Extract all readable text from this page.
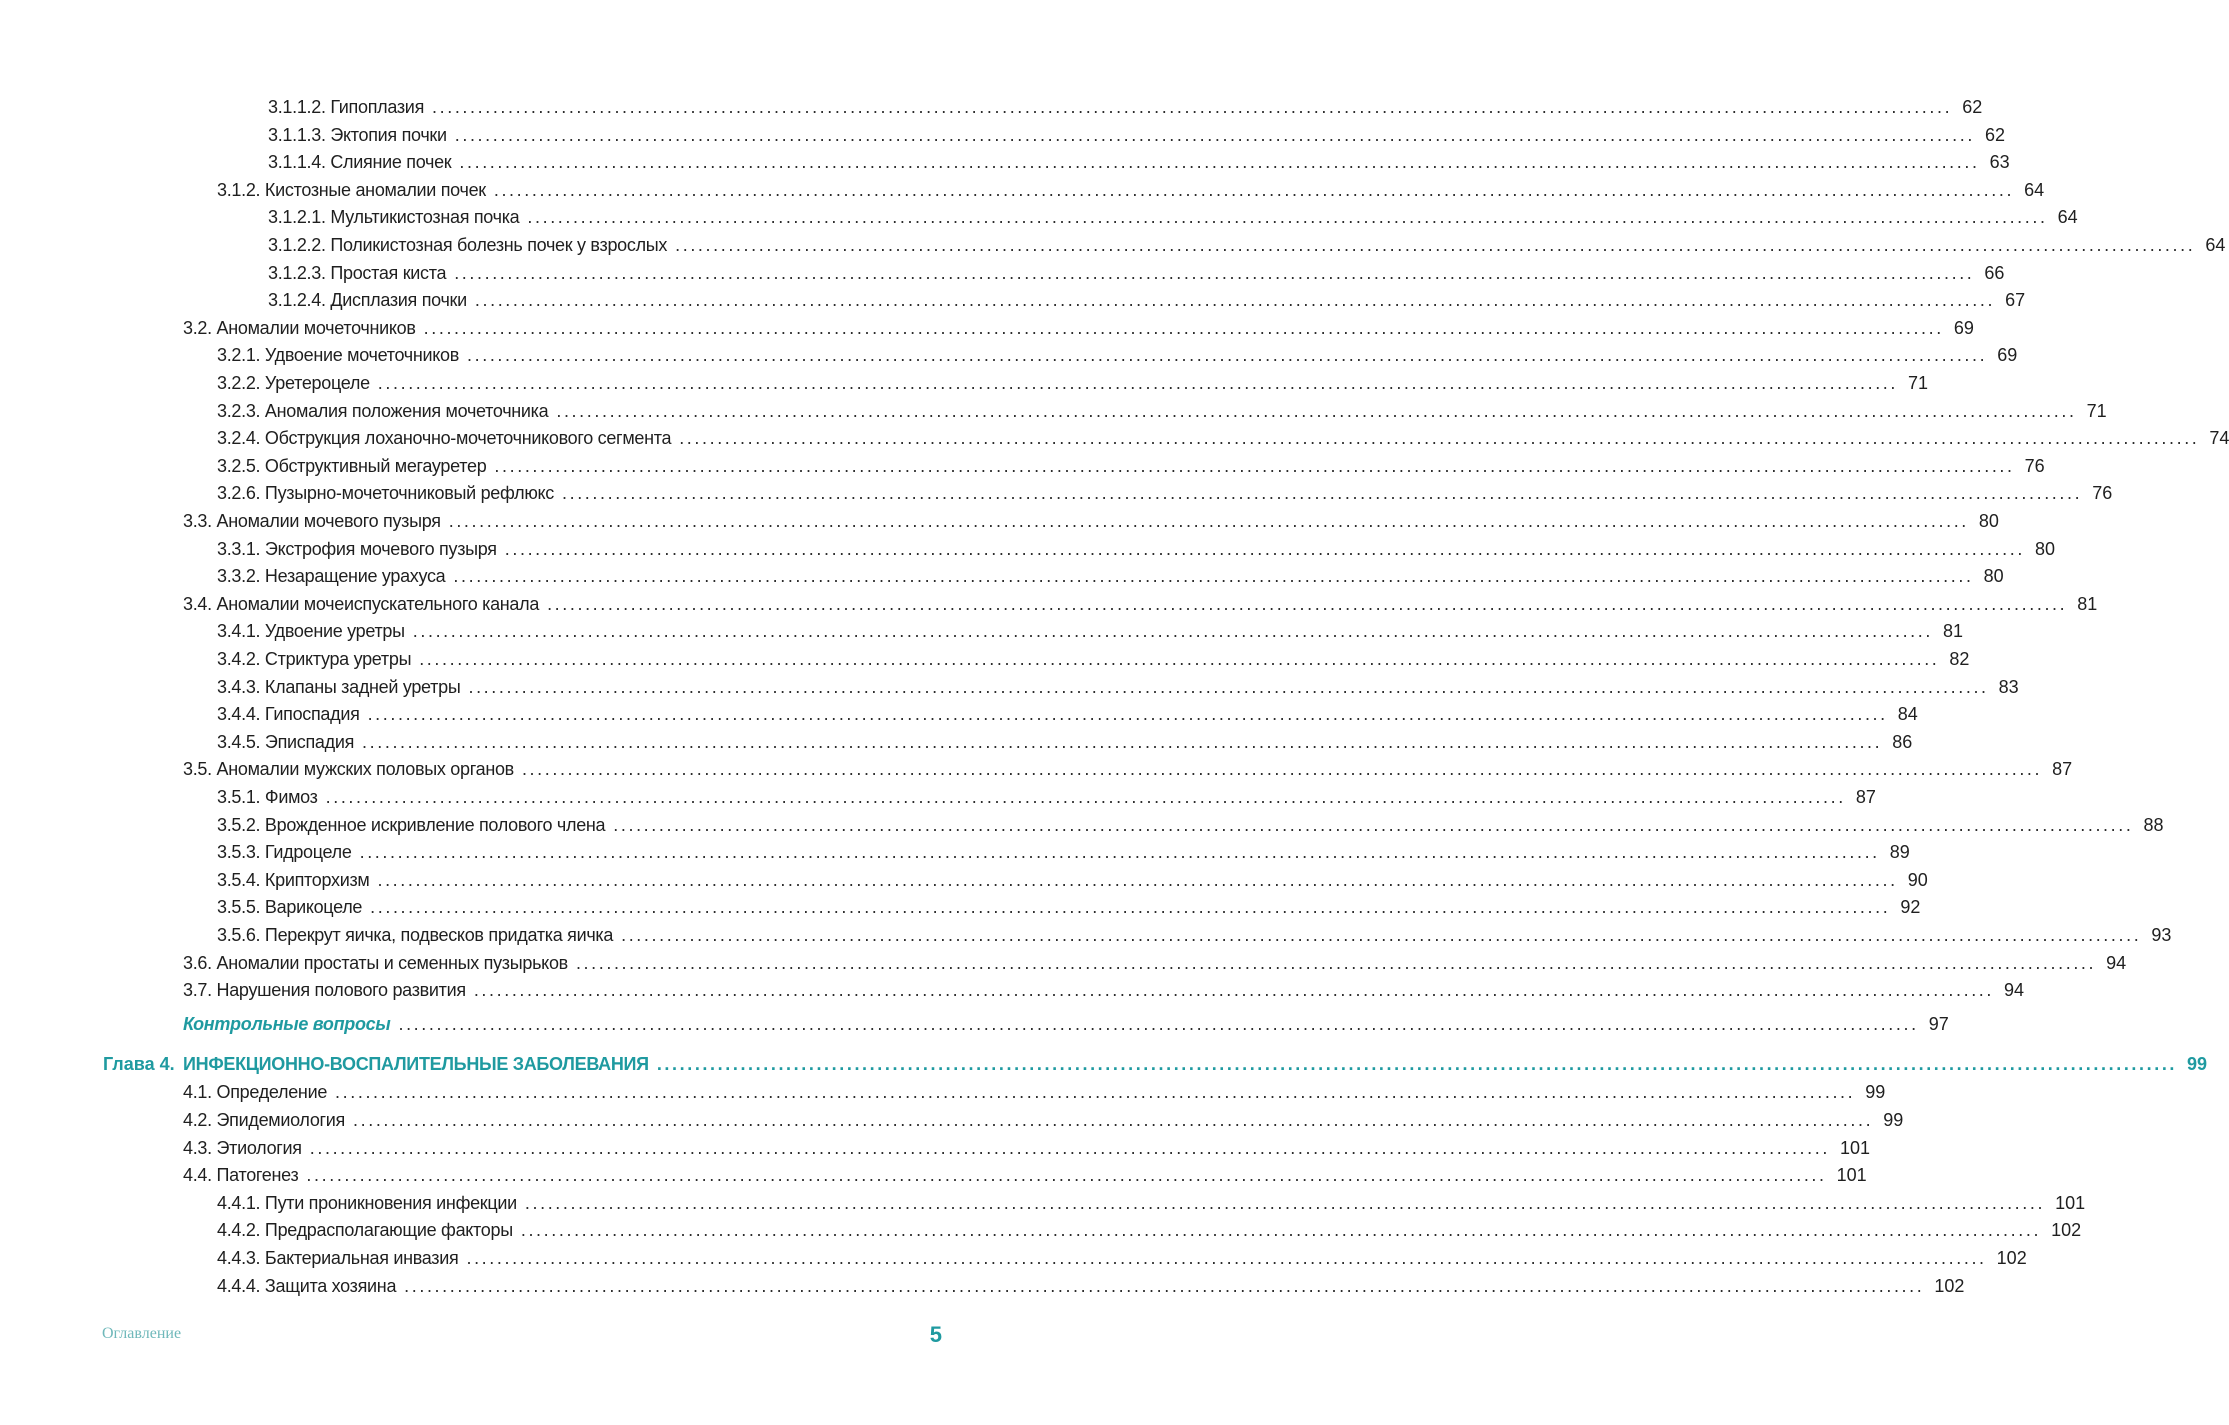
3.1.1.2. Гипоплазия ........................................................................................................................................................................................................ 62
3.1.1.3. Эктопия почки ........................................................................................................................................................................................................ 62
3.1.1.4. Слияние почек ........................................................................................................................................................................................................ 63
3.1.2. Кистозные аномалии почек ........................................................................................................................................................................................................ 64
3.1.2.1. Мультикистозная почка ........................................................................................................................................................................................................ 64
3.1.2.2. Поликистозная болезнь почек у взрослых ........................................................................................................................................................................................................ 64
3.1.2.3. Простая киста ........................................................................................................................................................................................................ 66
3.1.2.4. Дисплазия почки ........................................................................................................................................................................................................ 67
3.2. Аномалии мочеточников ........................................................................................................................................................................................................ 69
3.2.1. Удвоение мочеточников ........................................................................................................................................................................................................ 69
3.2.2. Уретероцеле ........................................................................................................................................................................................................ 71
3.2.3. Аномалия положения мочеточника ........................................................................................................................................................................................................ 71
3.2.4. Обструкция лоханочно-мочеточникового сегмента ........................................................................................................................................................................................................ 74
3.2.5. Обструктивный мегауретер ........................................................................................................................................................................................................ 76
3.2.6. Пузырно-мочеточниковый рефлюкс ........................................................................................................................................................................................................ 76
3.3. Аномалии мочевого пузыря ........................................................................................................................................................................................................ 80
3.3.1. Экстрофия мочевого пузыря ........................................................................................................................................................................................................ 80
3.3.2. Незаращение урахуса ........................................................................................................................................................................................................ 80
3.4. Аномалии мочеиспускательного канала ........................................................................................................................................................................................................ 81
3.4.1. Удвоение уретры ........................................................................................................................................................................................................ 81
3.4.2. Стриктура уретры ........................................................................................................................................................................................................ 82
3.4.3. Клапаны задней уретры ........................................................................................................................................................................................................ 83
3.4.4. Гипоспадия ........................................................................................................................................................................................................ 84
3.4.5. Эписпадия ........................................................................................................................................................................................................ 86
3.5. Аномалии мужских половых органов ........................................................................................................................................................................................................ 87
3.5.1. Фимоз ........................................................................................................................................................................................................ 87
3.5.2. Врожденное искривление полового члена ........................................................................................................................................................................................................ 88
3.5.3. Гидроцеле ........................................................................................................................................................................................................ 89
3.5.4. Крипторхизм ........................................................................................................................................................................................................ 90
3.5.5. Варикоцеле ........................................................................................................................................................................................................ 92
3.5.6. Перекрут яичка, подвесков придатка яичка ........................................................................................................................................................................................................ 93
3.6. Аномалии простаты и семенных пузырьков ........................................................................................................................................................................................................ 94
3.7. Нарушения полового развития ........................................................................................................................................................................................................ 94
Контрольные вопросы ........................................................................................................................................................................................................ 97
ИНФЕКЦИОННО-ВОСПАЛИТЕЛЬНЫЕ ЗАБОЛЕВАНИЯ ........................................................................................................................................................................................................ 99
Глава 4.
4.1. Определение ........................................................................................................................................................................................................ 99
4.2. Эпидемиология ........................................................................................................................................................................................................ 99
4.3. Этиология ........................................................................................................................................................................................................ 101
4.4. Патогенез ........................................................................................................................................................................................................ 101
4.4.1. Пути проникновения инфекции ........................................................................................................................................................................................................ 101
4.4.2. Предрасполагающие факторы ........................................................................................................................................................................................................ 102
4.4.3. Бактериальная инвазия ........................................................................................................................................................................................................ 102
4.4.4. Защита хозяина ........................................................................................................................................................................................................ 102
Оглавление	5
